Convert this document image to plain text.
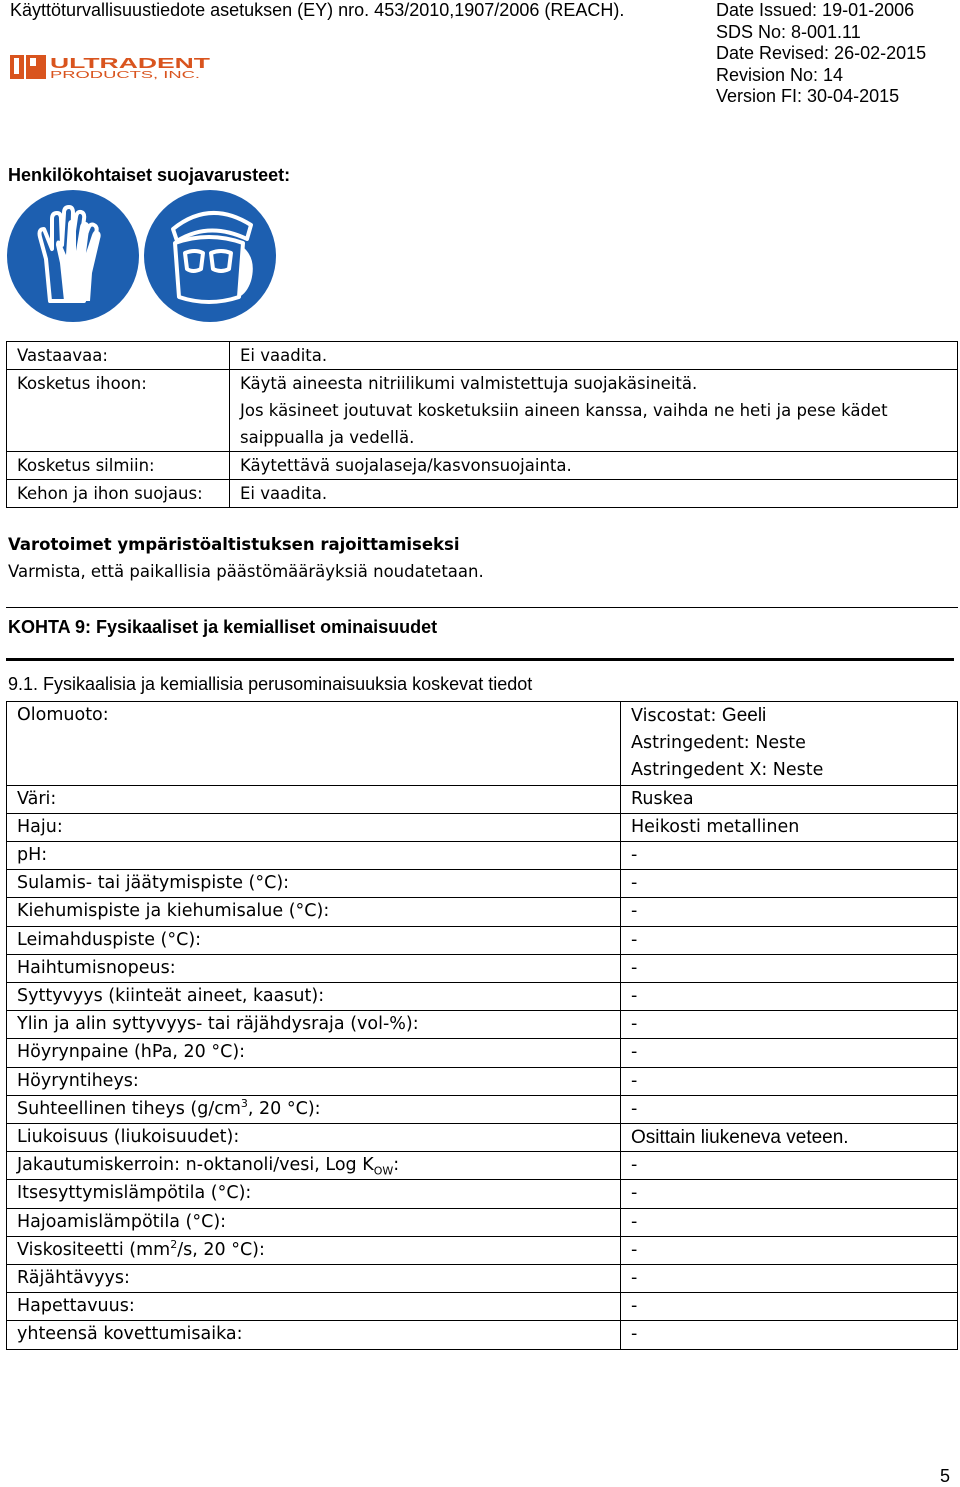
Käyttöturvallisuustiedote asetuksen (EY) nro. 453/2010,1907/2006 (REACH).	Date Issued: 19-01-2006
SDS No: 8-001.11
Date Revised: 26-02-2015
Revision No: 14
Version FI: 30-04-2015
ULTRADENT
PRODUCTS, INC.
Henkilökohtaiset suojavarusteet:
Vastaavaa:	Ei vaadita.

Kosketus ihoon:	Käytä aineesta nitriilikumi valmistettuja suojakäsineitä.
Jos käsineet joutuvat kosketuksiin aineen kanssa, vaihda ne heti ja pese kädet
saippualla ja vedellä.

Kosketus silmiin:	Käytettävä suojalaseja/kasvonsuojainta.

Kehon ja ihon suojaus:	Ei vaadita.
Varotoimet ympäristöaltistuksen rajoittamiseksi
Varmista, että paikallisia päästömääräyksiä noudatetaan.
KOHTA 9: Fysikaaliset ja kemialliset ominaisuudet
9.1. Fysikaalisia ja kemiallisia perusominaisuuksia koskevat tiedot
Olomuoto:	Viscostat: Geeli
Astringedent: Neste
Astringedent X: Neste

Väri:	Ruskea
Haju:	Heikosti metallinen
pH:	-
Sulamis- tai jäätymispiste (°C):	-
Kiehumispiste ja kiehumisalue (°C):	-
Leimahduspiste (°C):	-
Haihtumisnopeus:	-
Syttyvyys (kiinteät aineet, kaasut):	-
Ylin ja alin syttyvyys- tai räjähdysraja (vol-%):	-
Höyrynpaine (hPa, 20 °C):	-
Höyryntiheys:	-
Suhteellinen tiheys ($g/cm^3$, 20 °C):	-
Liukoisuus (liukoisuudet):	Osittain liukeneva veteen.
Jakautumiskerroin: n-oktanoli/vesi, Log $K_{OW}$:	-
Itsesyttymislämpötila (°C):	-
Hajoamislämpötila (°C):	-
Viskositeetti ($mm^2/s$, 20 °C):	-
Räjähtävyys:	-
Hapettavuus:	-
yhteensä kovettumisaika:	-
5
